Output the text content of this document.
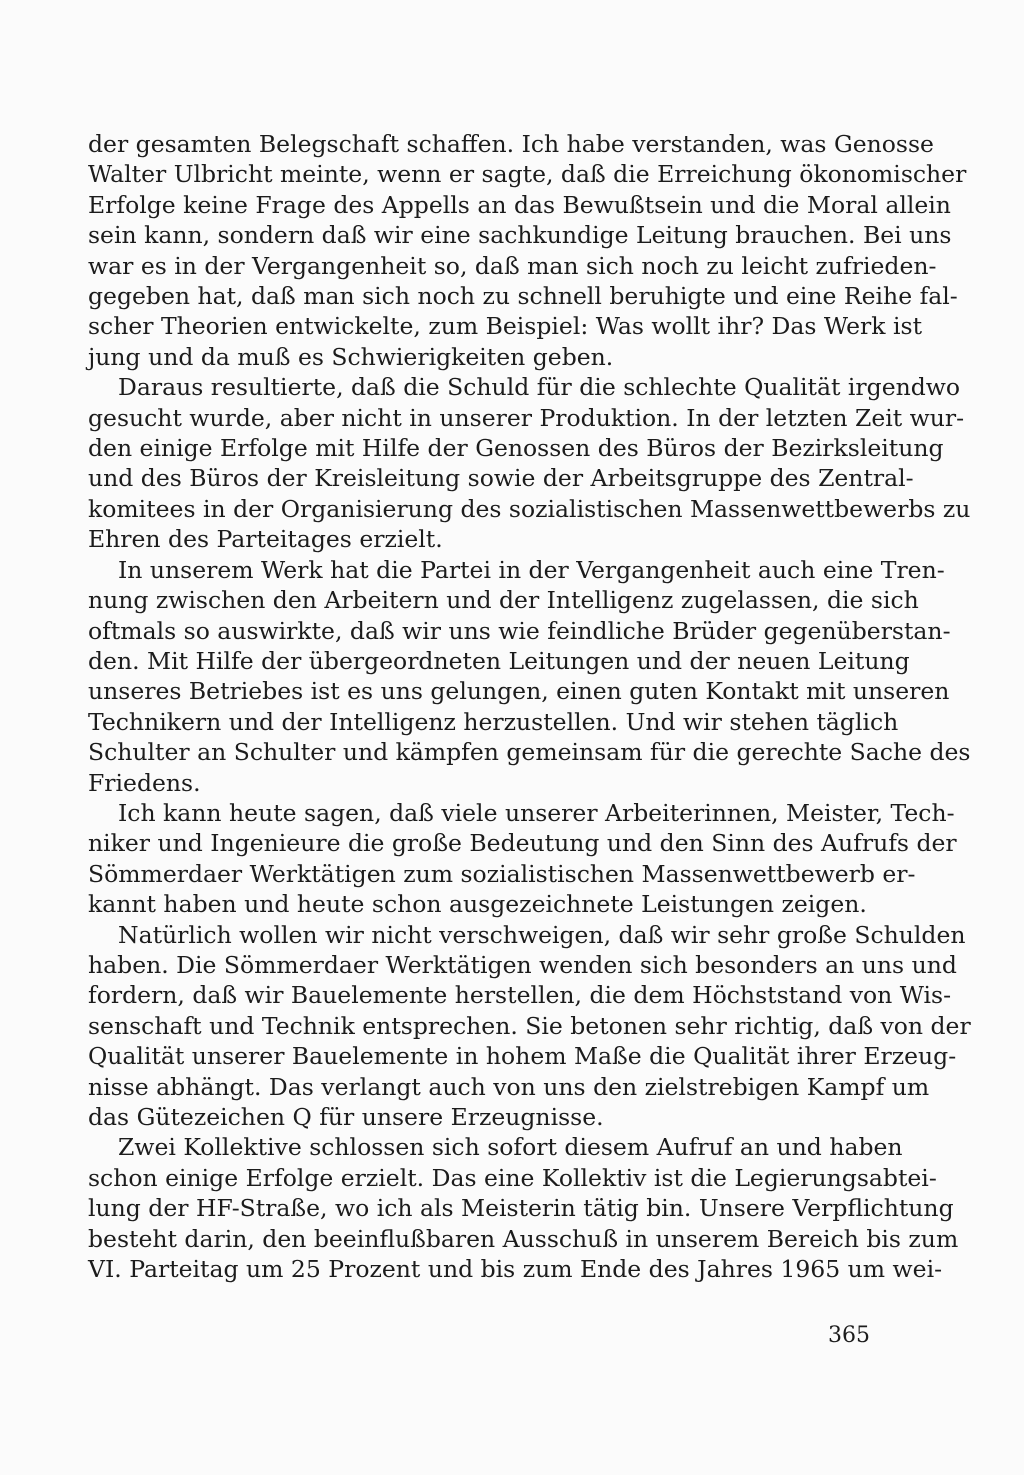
der gesamten Belegschaft schaffen. Ich habe verstanden, was Genosse
Walter Ulbricht meinte, wenn er sagte, daß die Erreichung ökonomischer
Erfolge keine Frage des Appells an das Bewußtsein und die Moral allein
sein kann, sondern daß wir eine sachkundige Leitung brauchen. Bei uns
war es in der Vergangenheit so, daß man sich noch zu leicht zufrieden-
gegeben hat, daß man sich noch zu schnell beruhigte und eine Reihe fal-
scher Theorien entwickelte, zum Beispiel: Was wollt ihr? Das Werk ist
jung und da muß es Schwierigkeiten geben.
Daraus resultierte, daß die Schuld für die schlechte Qualität irgendwo
gesucht wurde, aber nicht in unserer Produktion. In der letzten Zeit wur-
den einige Erfolge mit Hilfe der Genossen des Büros der Bezirksleitung
und des Büros der Kreisleitung sowie der Arbeitsgruppe des Zentral-
komitees in der Organisierung des sozialistischen Massenwettbewerbs zu
Ehren des Parteitages erzielt.
In unserem Werk hat die Partei in der Vergangenheit auch eine Tren-
nung zwischen den Arbeitern und der Intelligenz zugelassen, die sich
oftmals so auswirkte, daß wir uns wie feindliche Brüder gegenüberstan-
den. Mit Hilfe der übergeordneten Leitungen und der neuen Leitung
unseres Betriebes ist es uns gelungen, einen guten Kontakt mit unseren
Technikern und der Intelligenz herzustellen. Und wir stehen täglich
Schulter an Schulter und kämpfen gemeinsam für die gerechte Sache des
Friedens.
Ich kann heute sagen, daß viele unserer Arbeiterinnen, Meister, Tech-
niker und Ingenieure die große Bedeutung und den Sinn des Aufrufs der
Sömmerdaer Werktätigen zum sozialistischen Massenwettbewerb er-
kannt haben und heute schon ausgezeichnete Leistungen zeigen.
Natürlich wollen wir nicht verschweigen, daß wir sehr große Schulden
haben. Die Sömmerdaer Werktätigen wenden sich besonders an uns und
fordern, daß wir Bauelemente herstellen, die dem Höchststand von Wis-
senschaft und Technik entsprechen. Sie betonen sehr richtig, daß von der
Qualität unserer Bauelemente in hohem Maße die Qualität ihrer Erzeug-
nisse abhängt. Das verlangt auch von uns den zielstrebigen Kampf um
das Gütezeichen Q für unsere Erzeugnisse.
Zwei Kollektive schlossen sich sofort diesem Aufruf an und haben
schon einige Erfolge erzielt. Das eine Kollektiv ist die Legierungsabtei-
lung der HF-Straße, wo ich als Meisterin tätig bin. Unsere Verpflichtung
besteht darin, den beeinflußbaren Ausschuß in unserem Bereich bis zum
VI. Parteitag um 25 Prozent und bis zum Ende des Jahres 1965 um wei-
365
